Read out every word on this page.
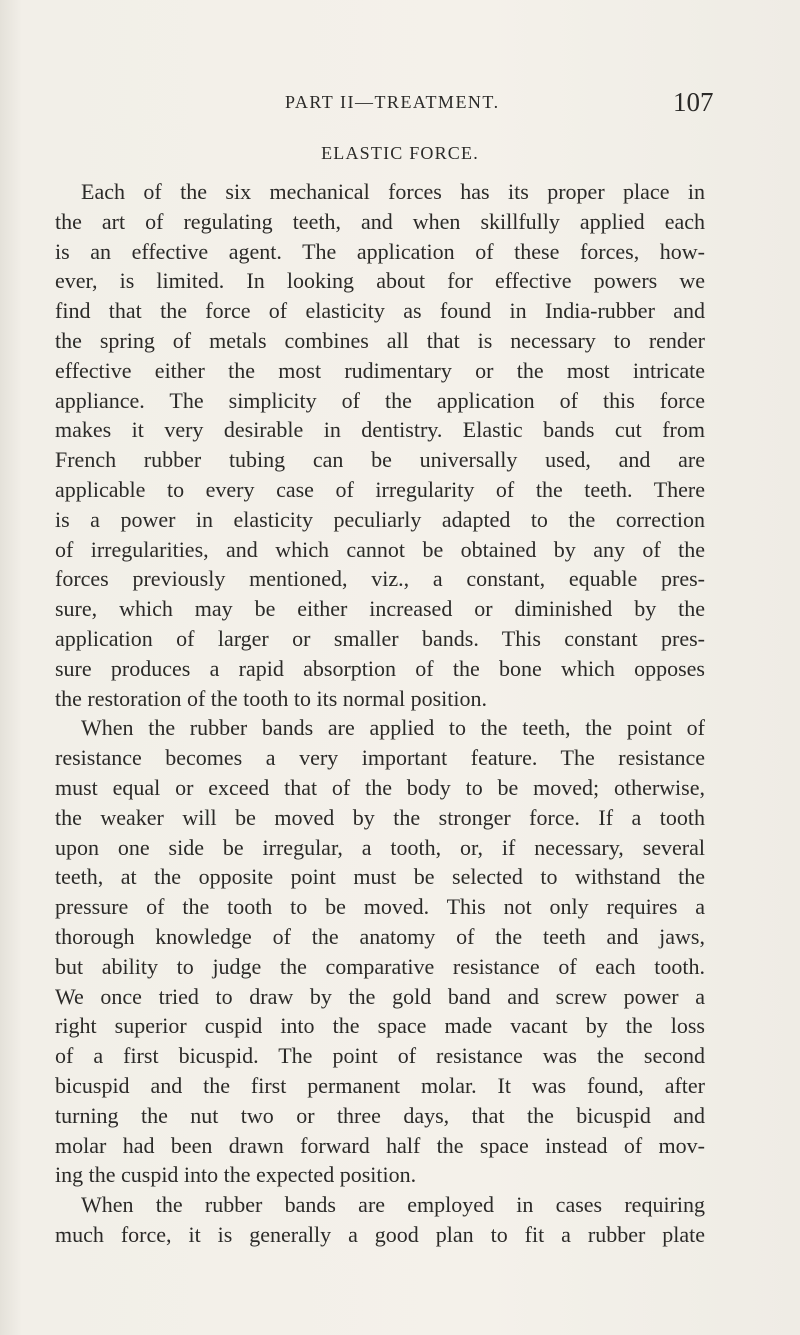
PART II—TREATMENT.	107
ELASTIC FORCE.
Each of the six mechanical forces has its proper place in
the art of regulating teeth, and when skillfully applied each
is an effective agent. The application of these forces, how-
ever, is limited. In looking about for effective powers we
find that the force of elasticity as found in India-rubber and
the spring of metals combines all that is necessary to render
effective either the most rudimentary or the most intricate
appliance. The simplicity of the application of this force
makes it very desirable in dentistry. Elastic bands cut from
French rubber tubing can be universally used, and are
applicable to every case of irregularity of the teeth. There
is a power in elasticity peculiarly adapted to the correction
of irregularities, and which cannot be obtained by any of the
forces previously mentioned, viz., a constant, equable pres-
sure, which may be either increased or diminished by the
application of larger or smaller bands. This constant pres-
sure produces a rapid absorption of the bone which opposes
the restoration of the tooth to its normal position.
When the rubber bands are applied to the teeth, the point of
resistance becomes a very important feature. The resistance
must equal or exceed that of the body to be moved; otherwise,
the weaker will be moved by the stronger force. If a tooth
upon one side be irregular, a tooth, or, if necessary, several
teeth, at the opposite point must be selected to withstand the
pressure of the tooth to be moved. This not only requires a
thorough knowledge of the anatomy of the teeth and jaws,
but ability to judge the comparative resistance of each tooth.
We once tried to draw by the gold band and screw power a
right superior cuspid into the space made vacant by the loss
of a first bicuspid. The point of resistance was the second
bicuspid and the first permanent molar. It was found, after
turning the nut two or three days, that the bicuspid and
molar had been drawn forward half the space instead of mov-
ing the cuspid into the expected position.
When the rubber bands are employed in cases requiring
much force, it is generally a good plan to fit a rubber plate
